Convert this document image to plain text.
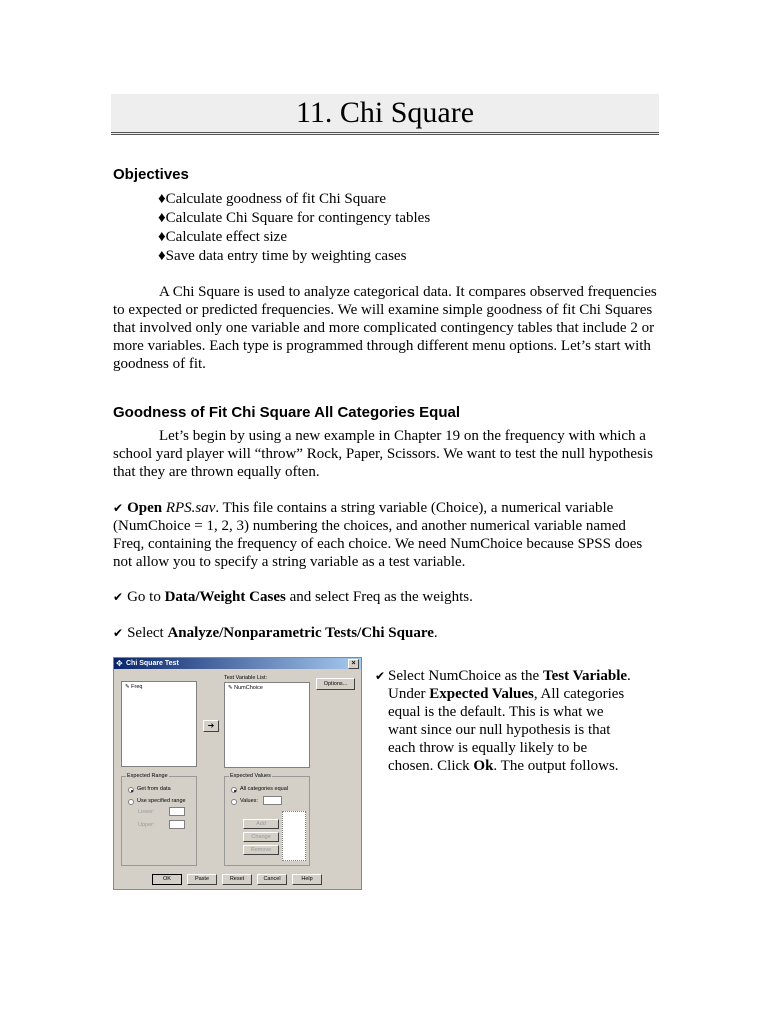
11. Chi Square
Objectives
♦Calculate goodness of fit Chi Square
♦Calculate Chi Square for contingency tables
♦Calculate effect size
♦Save data entry time by weighting cases

A Chi Square is used to analyze categorical data. It compares observed frequencies to expected or predicted frequencies. We will examine simple goodness of fit Chi Squares that involved only one variable and more complicated contingency tables that include 2 or more variables. Each type is programmed through different menu options. Let’s start with goodness of fit.

Goodness of Fit Chi Square All Categories Equal

Let’s begin by using a new example in Chapter 19 on the frequency with which a school yard player will “throw” Rock, Paper, Scissors. We want to test the null hypothesis that they are thrown equally often.

✔ Open RPS.sav. This file contains a string variable (Choice), a numerical variable (NumChoice = 1, 2, 3) numbering the choices, and another numerical variable named Freq, containing the frequency of each choice. We need NumChoice because SPSS does not allow you to specify a string variable as a test variable.

✔ Go to Data/Weight Cases and select Freq as the weights.

✔ Select Analyze/Nonparametric Tests/Chi Square.

✔ Select NumChoice as the Test Variable. Under Expected Values, All categories equal is the default. This is what we want since our null hypothesis is that each throw is equally likely to be chosen. Click Ok. The output follows.
✥ Chi Square Test	×
✎ Freq
➔
Test Variable List:
✎ NumChoice
Options...
Expected Range
Get from data
Use specified range
Lower:
Upper:
Expected Values
All categories equal
Values:
Add
Change
Remove
OK	Paste	Reset	Cancel	Help
